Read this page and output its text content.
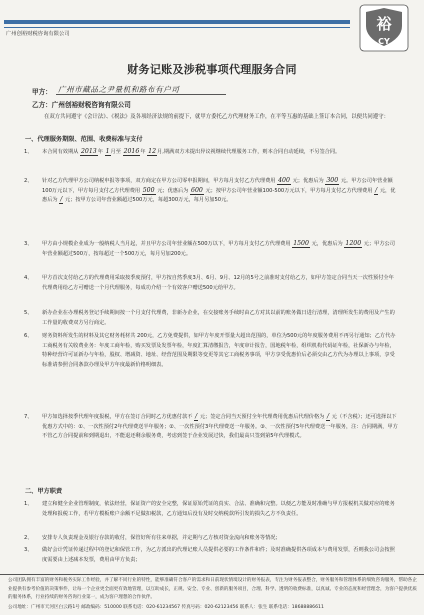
广州创裕财税咨询有限公司
裕
CY
财务记账及涉税事项代理服务合同
甲方： 广州市藏品之尹量机和路布有户司
乙方：广州创裕财税咨询有限公司
在双方共同遵守《会计法》、《税法》及各项经济法规的前提下，就甲方委托乙方代理财务工作，在平等互惠的基础上签订本合同，以便共同遵守：
一、代理服务期限、范围、收费标准与支付
1、	本合同有效期从 2013年 1月至 2016年 12月,期满双方未提出异议视继续代理服务工作，则本合同自动延续，不另签合同。
2、	针对乙方代理甲方公司纳税申报等事项，双方商定在甲方公司零申报期间，甲方每月支付乙方代理费用 400 元；优惠后为 300 元。甲方公司年营业额100万元以下，甲方每月支付乙方代理费用 500 元；优惠后为 600 元；按甲方公司年营业额100-500万元以下，甲方每月支付乙方代理费用 / 元，优惠后为 / 元；按甲方公司年营业额超过500万元，每超300万元，每月另加50元。
3、	甲方由小规模企业成为一般纳税人当月起，并且甲方公司年营业额在500万以下，甲方每月支付乙方代理费用 1500 元，优惠后为 1200 元；甲方公司年营业额超过500万，按每超过一个500万元，每月另加200元。
4、	甲方首次支付给乙方的代理费用采取按季度预付，甲方按自然季度3月、6月、9月、12月的5号之前准时支付给乙方，如甲方签定合同当天一次性预付全年代理费用给乙方可赠送一个月代理服务，每成功介绍一个有效客户赠送500元给甲方。
5、	新办企业在办理税务登记手续期间按一个月支付代理费，非新办企业，在交接账务手续时由乙方对其以前的账务做日进行清理，清理所发生的费用及产生的工作量的收费双方另行商定。
6、	财务资料所发生的材料及其它财务耗材共 200元，乙方免费提供，如甲方年度开票量大超出范围的，单位为500元的年度服务费用不再另行通知；乙方代办工商税务有关收费业务：年度工商年检，购买发票及发票年检，年度汇算清缴报告，年度审计报告，国地税年检，组织机构代码证年检，社保新办与年检，特种经营许可证新办与年检，股权、增减资、地址、经营范围及期限等变更等其它工商税务事项，甲方享受优惠价后必须交由乙方代为办理以上事项，享受标准请参照合同条款办理及甲方年度最新价格明细表。
7、	甲方如选择按季代理年度报税，甲方在签订合同时乙方优惠付款不 / 元；签定合同当天预付全年代理费用优惠后代理价格为 / 元（不含税）；还可选择以下优惠方式中的：①、一次性预付2年代理费送半年服务；②、一次性预付3年代理费送一年服务。③、一次性预付5年代理费送一年服务，注：合同期满，甲方不管乙方合同提前和到期退出，不能退还剩余服务费，考虑到签于企业发展过快，我们最高只签到第5年代理模式。
二、甲方职责
1、	建立和健全企业管理制度，依法经营，保证资产的安全完整，保证原始凭证的真实、合法、准确和完整。以便乙方能及时准确与甲方报税机关做对应的账务处理和报税工作，若甲方模板账户余额不足做扣税款，乙方通知后没有及时交纳税款所引发的损失乙方不负责任。
2、	安排专人负责现金及银行存款的收付，保管好所有往来单据，并定期与乙方核对资金流向和账务等情况；
3、	做好会计凭证传递过程中的登记和保管工作，为乙方派出的代理记账人员提供必要的工作条件和件；及时准确提供各项成本与费用发票，否则我公司会按照度需要由上述减本发票，费用由甲方负责；
公司团队拥有丰富的财务和税务实际工作经验，并了解不同行业的特性，能够准确符合客户的需求和日前现状情境设计的财务报表，专注为财务报表整合，财务服务和管理体系的细致咨询服务，帮助各企业提供有参考价值的决策事件，让每一个企业更全面更有效地管理，以互助成长，正规、安全、专业、创新的服务项目，合理、科学、透明的收费标准，以真诚、专业的态度和经营理念，为客户提供优质的服务体系，行业持续的财务咨询行业第一，成为客户理想的合作伙伴。
公司地址：广州市天河区白云路1号 邮政编码：510000 联系电话：020-61234567 传真号码：020-62123456 联系人：张生 联系电话：18688886611
